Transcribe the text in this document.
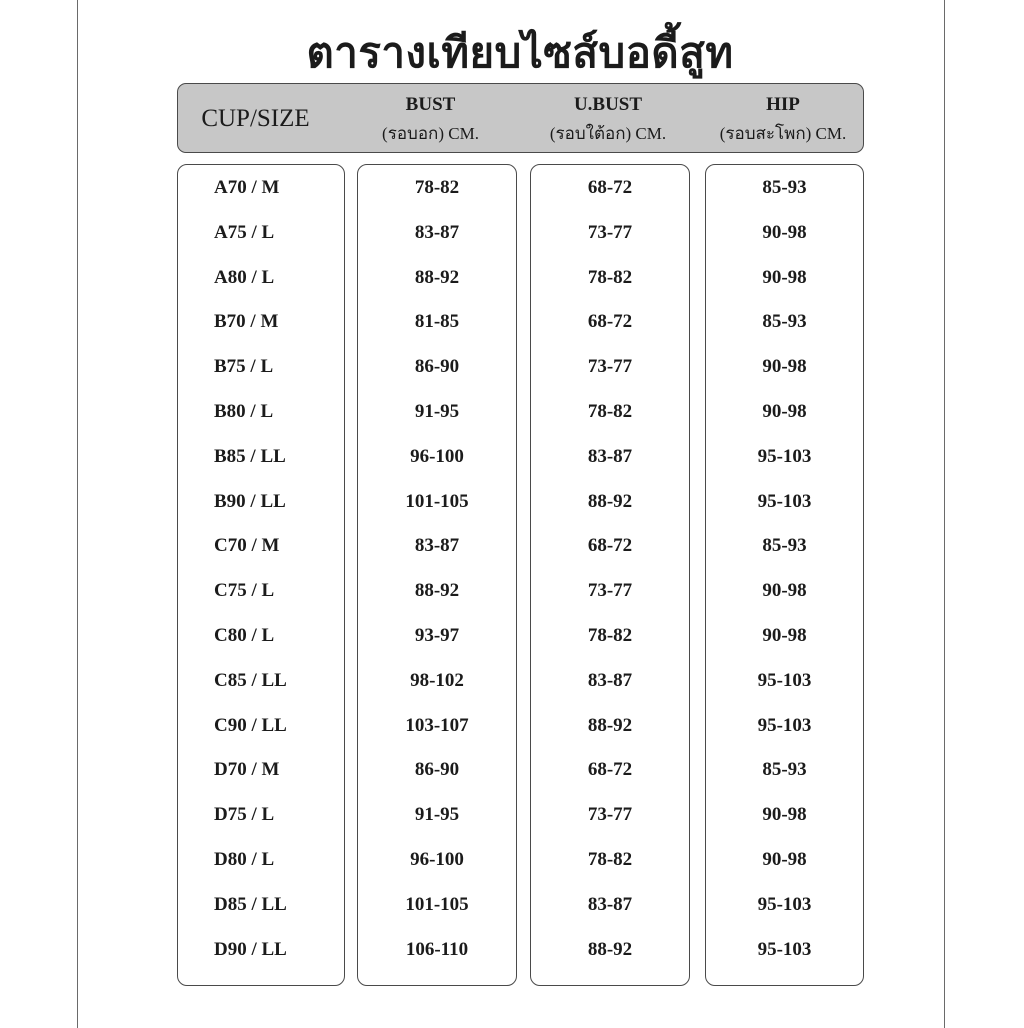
ตารางเทียบไซส์บอดี้สูท
CUP/SIZE
BUST
(รอบอก) CM.
U.BUST
(รอบใต้อก) CM.
HIP
(รอบสะโพก) CM.
A70 / M
A75 / L
A80 / L
B70 / M
B75 / L
B80 / L
B85 / LL
B90 / LL
C70 / M
C75 / L
C80 / L
C85 / LL
C90 / LL
D70 / M
D75 / L
D80 / L
D85 / LL
D90 / LL
78-82
83-87
88-92
81-85
86-90
91-95
96-100
101-105
83-87
88-92
93-97
98-102
103-107
86-90
91-95
96-100
101-105
106-110
68-72
73-77
78-82
68-72
73-77
78-82
83-87
88-92
68-72
73-77
78-82
83-87
88-92
68-72
73-77
78-82
83-87
88-92
85-93
90-98
90-98
85-93
90-98
90-98
95-103
95-103
85-93
90-98
90-98
95-103
95-103
85-93
90-98
90-98
95-103
95-103
